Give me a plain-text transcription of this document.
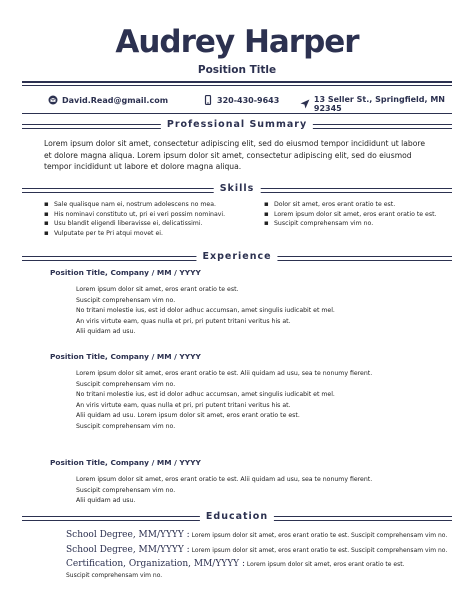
Audrey Harper
Position Title
David.Read@gmail.com	320-430-9643	13 Seller St., Springfield, MN 92345
Professional Summary
Lorem ipsum dolor sit amet, consectetur adipiscing elit, sed do eiusmod tempor incididunt ut labore
et dolore magna aliqua. Lorem ipsum dolor sit amet, consectetur adipiscing elit, sed do eiusmod
tempor incididunt ut labore et dolore magna aliqua.
Skills
▪ Sale qualisque nam ei, nostrum adolescens no mea.
▪ His nominavi constituto ut, pri ei veri possim nominavi.
▪ Usu blandit eligendi liberavisse ei, delicatissimi.
▪ Vulputate per te Pri atqui movet ei.
▪ Dolor sit amet, eros erant oratio te est.
▪ Lorem ipsum dolor sit amet, eros erant oratio te est.
▪ Suscipit comprehensam vim no.
Experience
Position Title, Company / MM / YYYY
Lorem ipsum dolor sit amet, eros erant oratio te est.
Suscipit comprehensam vim no.
No tritani molestie ius, est id dolor adhuc accumsan, amet singulis iudicabit et mel.
An viris virtute eam, quas nulla et pri, pri putent tritani veritus his at.
Alii quidam ad usu.
Position Title, Company / MM / YYYY
Lorem ipsum dolor sit amet, eros erant oratio te est. Alii quidam ad usu, sea te nonumy fierent.
Suscipit comprehensam vim no.
No tritani molestie ius, est id dolor adhuc accumsan, amet singulis iudicabit et mel.
An viris virtute eam, quas nulla et pri, pri putent tritani veritus his at.
Alii quidam ad usu. Lorem ipsum dolor sit amet, eros erant oratio te est.
Suscipit comprehensam vim no.
Position Title, Company / MM / YYYY
Lorem ipsum dolor sit amet, eros erant oratio te est. Alii quidam ad usu, sea te nonumy fierent.
Suscipit comprehensam vim no.
Alii quidam ad usu.
Education
School Degree, MM/YYYY : Lorem ipsum dolor sit amet, eros erant oratio te est. Suscipit comprehensam vim no.
School Degree, MM/YYYY : Lorem ipsum dolor sit amet, eros erant oratio te est. Suscipit comprehensam vim no.
Certification, Organization, MM/YYYY : Lorem ipsum dolor sit amet, eros erant oratio te est.
Suscipit comprehensam vim no.
